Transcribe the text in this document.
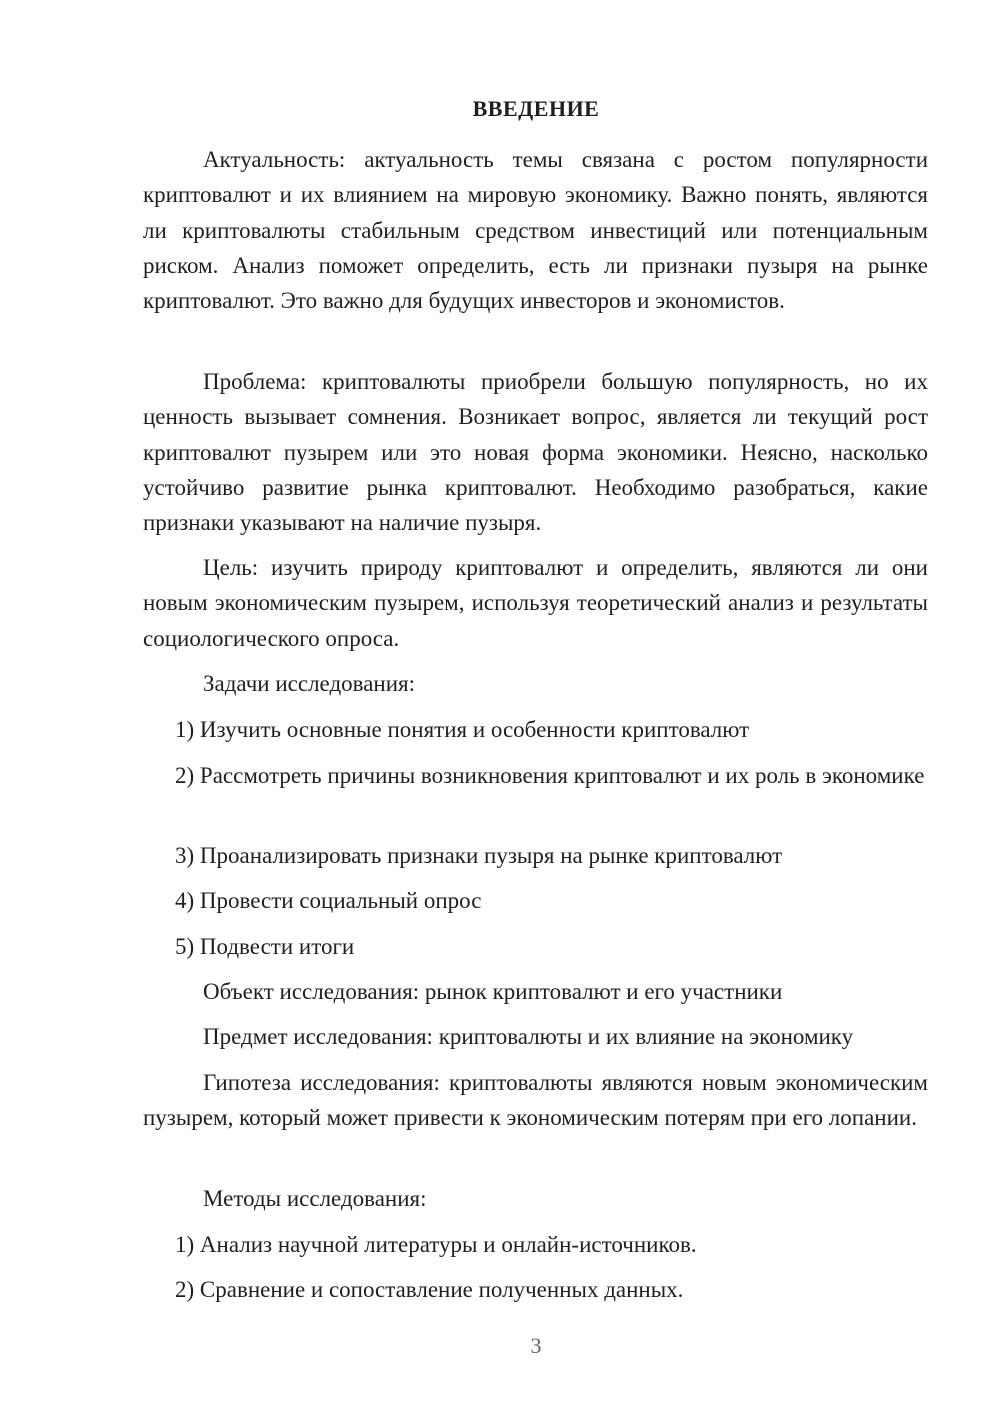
ВВЕДЕНИЕ

Актуальность: актуальность темы связана с ростом популярности криптовалют и их влиянием на мировую экономику. Важно понять, являются ли криптовалюты стабильным средством инвестиций или потенциальным риском. Анализ поможет определить, есть ли признаки пузыря на рынке криптовалют. Это важно для будущих инвесторов и экономистов.

Проблема: криптовалюты приобрели большую популярность, но их ценность вызывает сомнения. Возникает вопрос, является ли текущий рост криптовалют пузырем или это новая форма экономики. Неясно, насколько устойчиво развитие рынка криптовалют. Необходимо разобраться, какие признаки указывают на наличие пузыря.

Цель: изучить природу криптовалют и определить, являются ли они новым экономическим пузырем, используя теоретический анализ и результаты социологического опроса.

Задачи исследования:

1) Изучить основные понятия и особенности криптовалют

2) Рассмотреть причины возникновения криптовалют и их роль в экономике

3) Проанализировать признаки пузыря на рынке криптовалют

4) Провести социальный опрос

5) Подвести итоги

Объект исследования: рынок криптовалют и его участники

Предмет исследования: криптовалюты и их влияние на экономику

Гипотеза исследования: криптовалюты являются новым экономическим пузырем, который может привести к экономическим потерям при его лопании.

Методы исследования:

1) Анализ научной литературы и онлайн-источников.

2) Сравнение и сопоставление полученных данных.

3
